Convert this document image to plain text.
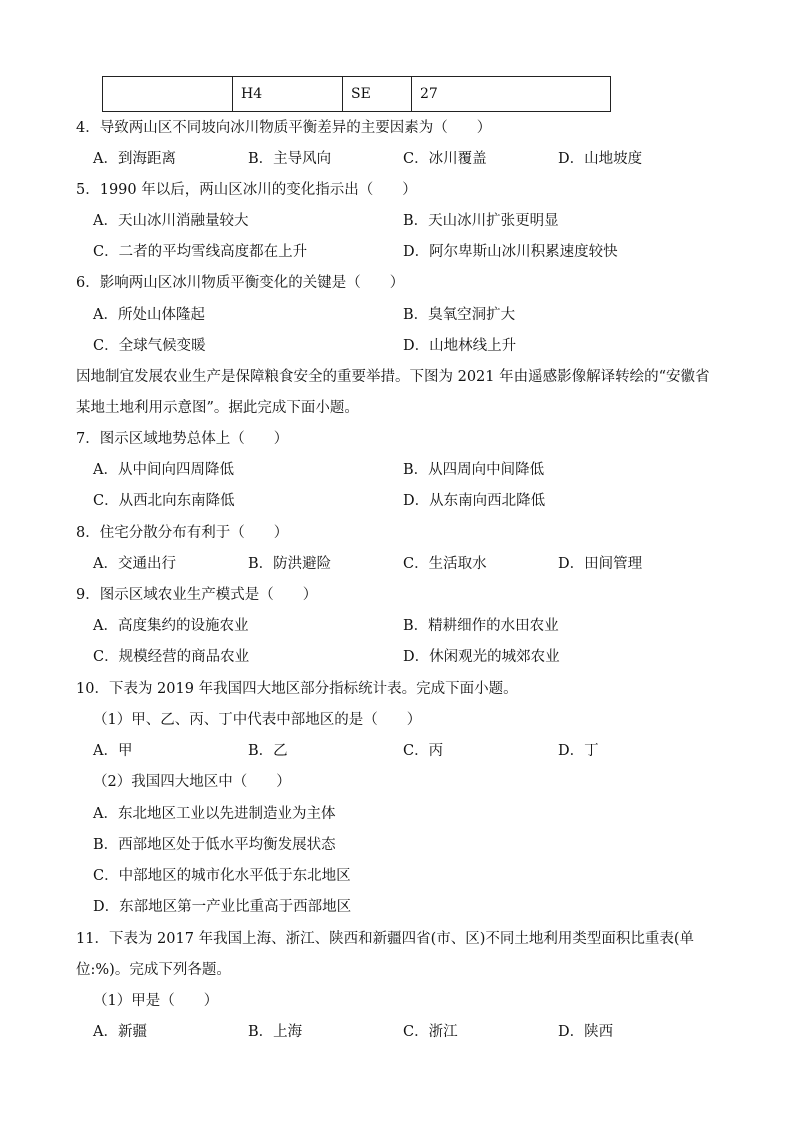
	H4	SE	27
4．导致两山区不同坡向冰川物质平衡差异的主要因素为（　　）
A．到海距离	B．主导风向	C．冰川覆盖	D．山地坡度
5．1990 年以后，两山区冰川的变化指示出（　　）
A．天山冰川消融量较大	B．天山冰川扩张更明显
C．二者的平均雪线高度都在上升	D．阿尔卑斯山冰川积累速度较快
6．影响两山区冰川物质平衡变化的关键是（　　）
A．所处山体隆起	B．臭氧空洞扩大
C．全球气候变暖	D．山地林线上升
因地制宜发展农业生产是保障粮食安全的重要举措。下图为 2021 年由遥感影像解译转绘的“安徽省
某地土地利用示意图”。据此完成下面小题。
7．图示区域地势总体上（　　）
A．从中间向四周降低	B．从四周向中间降低
C．从西北向东南降低	D．从东南向西北降低
8．住宅分散分布有利于（　　）
A．交通出行	B．防洪避险	C．生活取水	D．田间管理
9．图示区域农业生产模式是（　　）
A．高度集约的设施农业	B．精耕细作的水田农业
C．规模经营的商品农业	D．休闲观光的城郊农业
10．下表为 2019 年我国四大地区部分指标统计表。完成下面小题。
（1）甲、乙、丙、丁中代表中部地区的是（　　）
A．甲	B．乙	C．丙	D．丁
（2）我国四大地区中（　　）
A．东北地区工业以先进制造业为主体
B．西部地区处于低水平均衡发展状态
C．中部地区的城市化水平低于东北地区
D．东部地区第一产业比重高于西部地区
11．下表为 2017 年我国上海、浙江、陕西和新疆四省(市、区)不同土地利用类型面积比重表(单
位:%)。完成下列各题。
（1）甲是（　　）
A．新疆	B．上海	C．浙江	D．陕西
